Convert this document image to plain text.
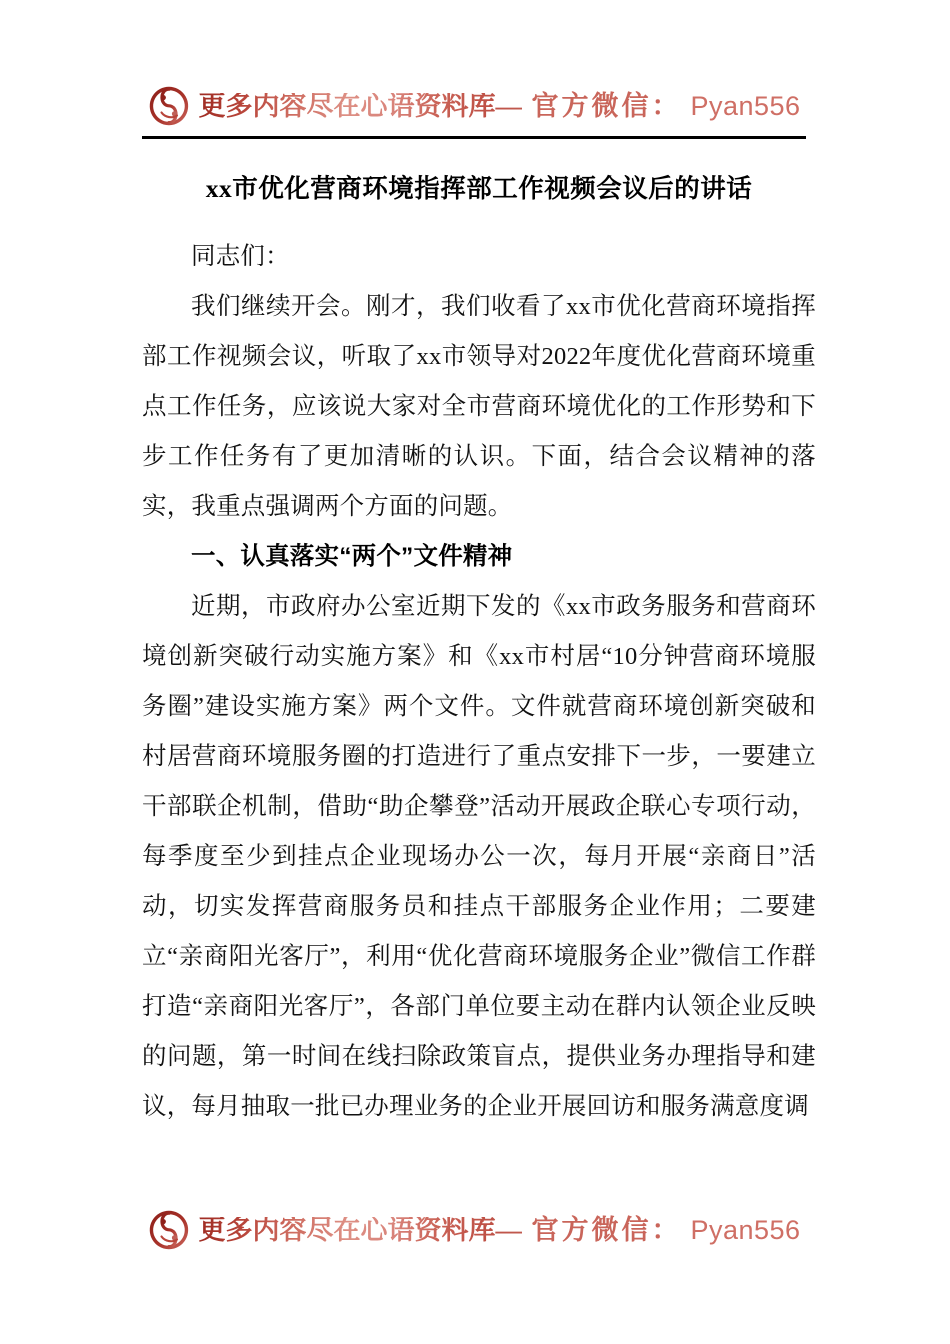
更多内容尽在心语资料库— 官方微信： Pyan556
xx市优化营商环境指挥部工作视频会议后的讲话

同志们：

我们继续开会。刚才，我们收看了xx市优化营商环境指挥部工作视频会议，听取了xx市领导对2022年度优化营商环境重点工作任务，应该说大家对全市营商环境优化的工作形势和下步工作任务有了更加清晰的认识。下面，结合会议精神的落实，我重点强调两个方面的问题。

一、认真落实“两个”文件精神

近期，市政府办公室近期下发的《xx市政务服务和营商环境创新突破行动实施方案》和《xx市村居“10分钟营商环境服务圈”建设实施方案》两个文件。文件就营商环境创新突破和村居营商环境服务圈的打造进行了重点安排下一步，一要建立干部联企机制，借助“助企攀登”活动开展政企联心专项行动，每季度至少到挂点企业现场办公一次，每月开展“亲商日”活动，切实发挥营商服务员和挂点干部服务企业作用；二要建立“亲商阳光客厅”，利用“优化营商环境服务企业”微信工作群打造“亲商阳光客厅”，各部门单位要主动在群内认领企业反映的问题，第一时间在线扫除政策盲点，提供业务办理指导和建议，每月抽取一批已办理业务的企业开展回访和服务满意度调

更多内容尽在心语资料库— 官方微信： Pyan556
